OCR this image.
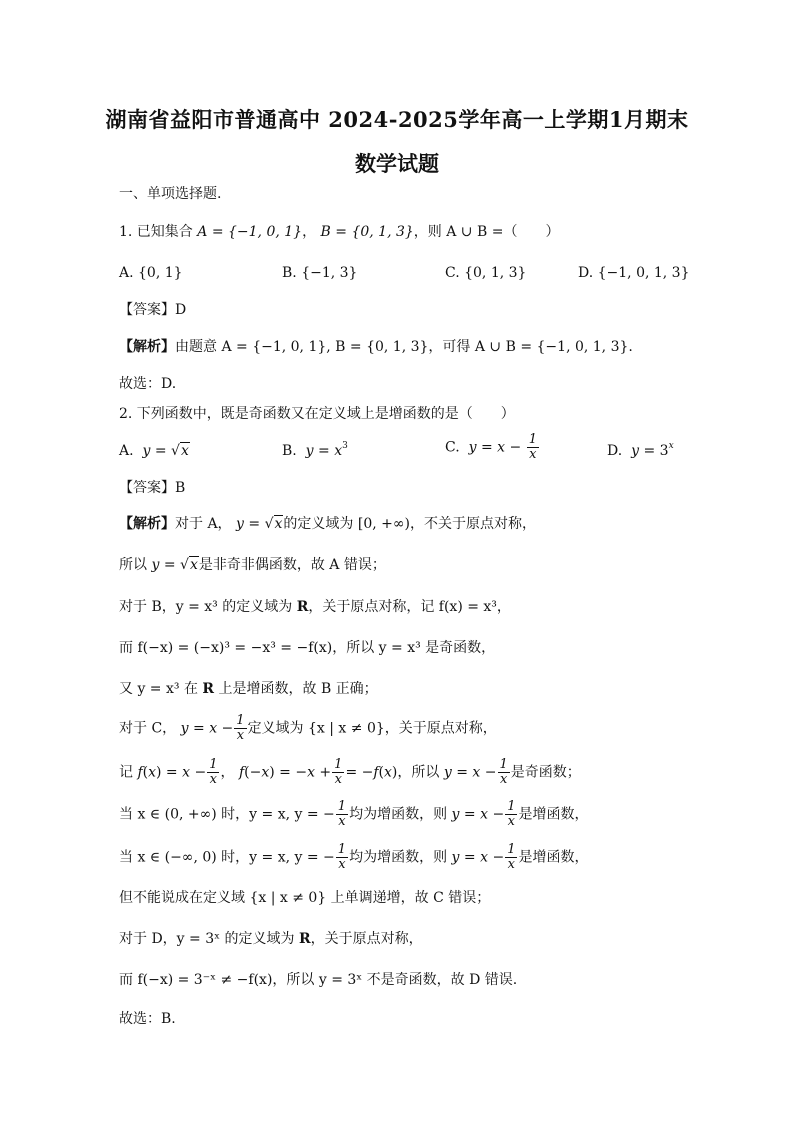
湖南省益阳市普通高中 2024-2025学年高一上学期1月期末
数学试题
一、单项选择题.
1. 已知集合 A = {−1, 0, 1}， B = {0, 1, 3}，则 A ∪ B =（　　）
A. {0, 1}	B. {−1, 3}	C. {0, 1, 3}	D. {−1, 0, 1, 3}
【答案】D
【解析】由题意 A = {−1, 0, 1}, B = {0, 1, 3}，可得 A ∪ B = {−1, 0, 1, 3}.
故选：D.
2. 下列函数中，既是奇函数又在定义域上是增函数的是（　　）
A. y = √x	B. $y = x^3$	C. $y = x - \frac{1}{x}$	D. $y = 3^x$
【答案】B
【解析】对于 A， y = √x的定义域为 [0, +∞)，不关于原点对称，
所以 y = √x是非奇非偶函数，故 A 错误；
对于 B，y = x³ 的定义域为 R，关于原点对称，记 f(x) = x³，
而 f(−x) = (−x)³ = −x³ = −f(x)，所以 y = x³ 是奇函数，
又 y = x³ 在 R 上是增函数，故 B 正确；
对于 C， $y = x - \frac{1}{x}$ 定义域为 {x | x ≠ 0}，关于原点对称，
记 $f(x) = x - \frac{1}{x}$ ， $f(-x) = -x + \frac{1}{x} = -f(x)$，所以 $y = x - \frac{1}{x}$ 是奇函数；
当 x ∈ (0, +∞) 时，y = x, y = − $\frac{1}{x}$ 均为增函数，则 $y = x - \frac{1}{x}$ 是增函数，
当 x ∈ (−∞, 0) 时，y = x, y = − $\frac{1}{x}$ 均为增函数，则 $y = x - \frac{1}{x}$ 是增函数，
但不能说成在定义域 {x | x ≠ 0} 上单调递增，故 C 错误；
对于 D，y = 3ˣ 的定义域为 R，关于原点对称，
而 f(−x) = 3⁻ˣ ≠ −f(x)，所以 y = 3ˣ 不是奇函数，故 D 错误.
故选：B.
